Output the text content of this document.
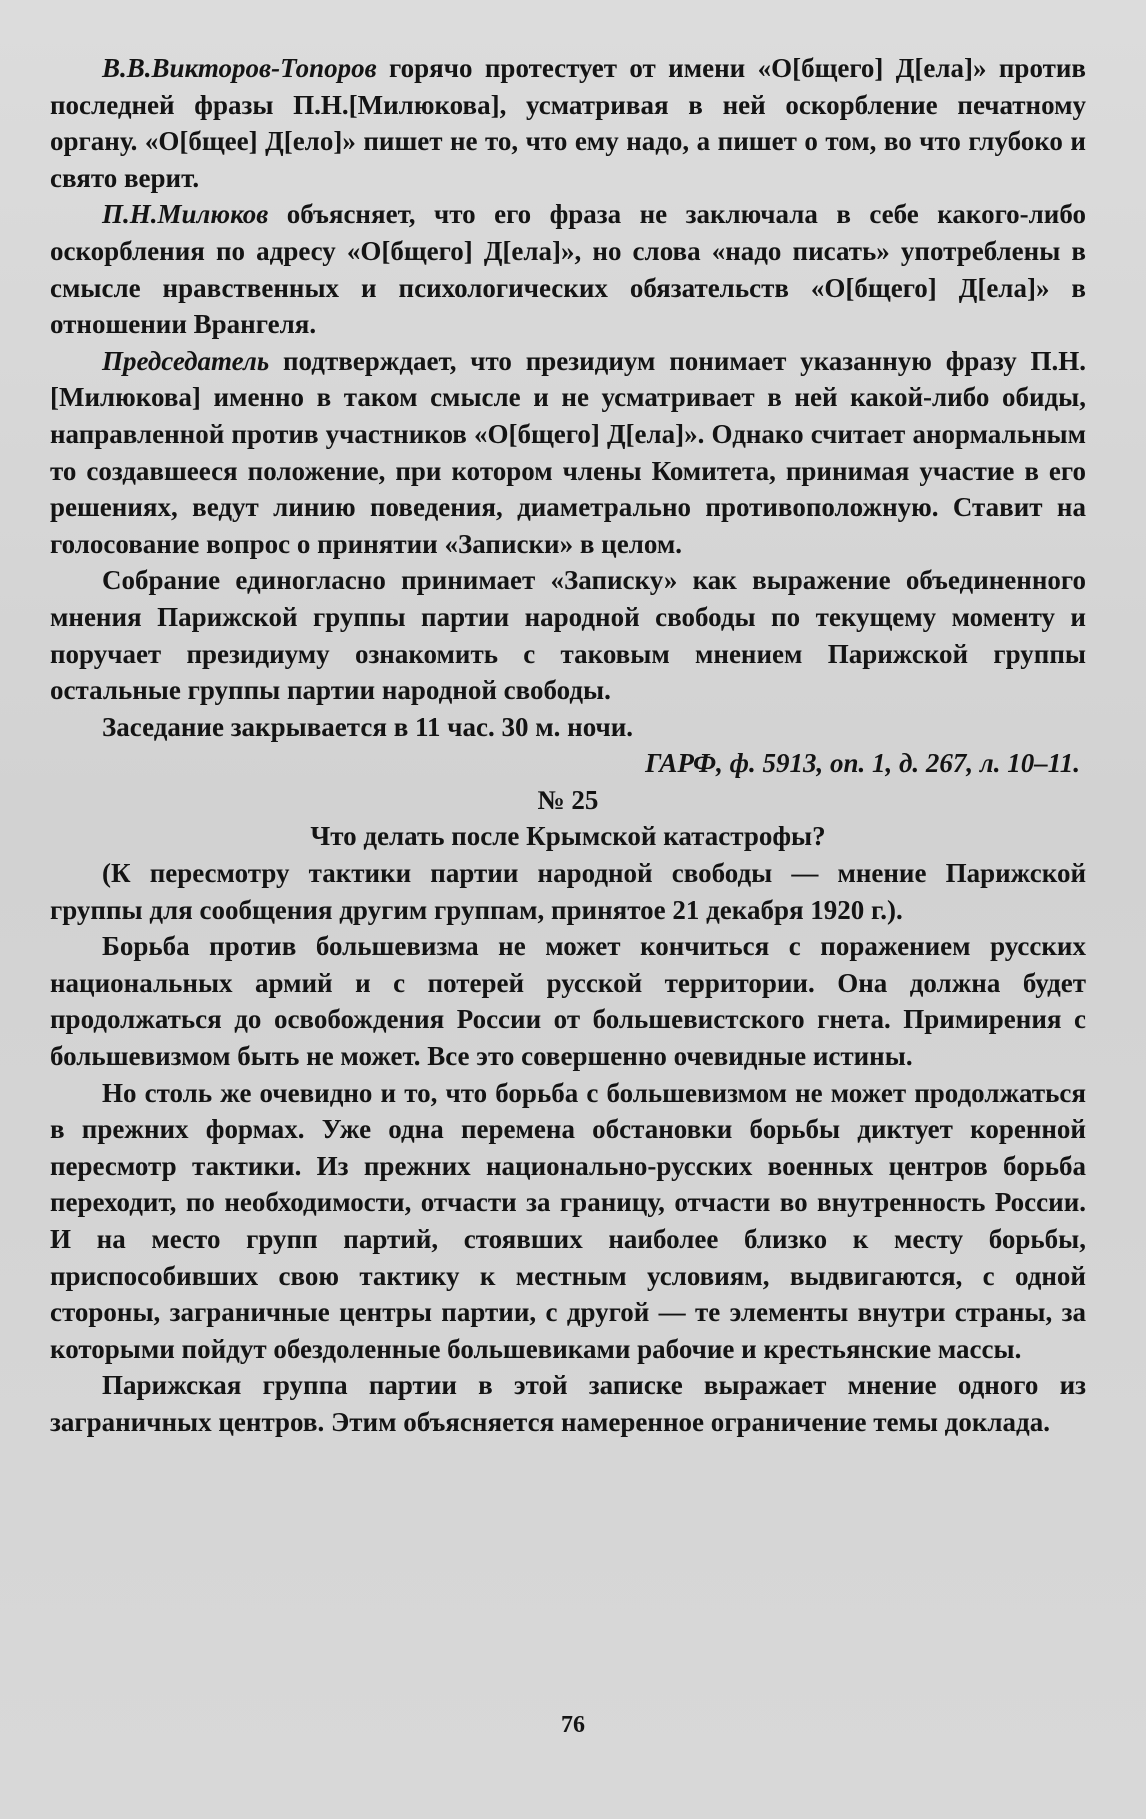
В.В.Викторов-Топоров горячо протестует от имени «О[бщего] Д[ела]» против последней фразы П.Н.[Милюкова], усматривая в ней оскорбление печатному органу. «О[бщее] Д[ело]» пишет не то, что ему надо, а пишет о том, во что глубоко и свято верит.

П.Н.Милюков объясняет, что его фраза не заключала в себе какого-либо оскорбления по адресу «О[бщего] Д[ела]», но слова «надо писать» употреблены в смысле нравственных и психологических обязательств «О[бщего] Д[ела]» в отношении Врангеля.

Председатель подтверждает, что президиум понимает указанную фразу П.Н.[Милюкова] именно в таком смысле и не усматривает в ней какой-либо обиды, направленной против участников «О[бщего] Д[ела]». Однако считает анормальным то создавшееся положение, при котором члены Комитета, принимая участие в его решениях, ведут линию поведения, диаметрально противоположную. Ставит на голосование вопрос о принятии «Записки» в целом.

Собрание единогласно принимает «Записку» как выражение объединенного мнения Парижской группы партии народной свободы по текущему моменту и поручает президиуму ознакомить с таковым мнением Парижской группы остальные группы партии народной свободы.

Заседание закрывается в 11 час. 30 м. ночи.

ГАРФ, ф. 5913, оп. 1, д. 267, л. 10–11.

№ 25

Что делать после Крымской катастрофы?

(К пересмотру тактики партии народной свободы — мнение Парижской группы для сообщения другим группам, принятое 21 декабря 1920 г.).

Борьба против большевизма не может кончиться с поражением русских национальных армий и с потерей русской территории. Она должна будет продолжаться до освобождения России от большевистского гнета. Примирения с большевизмом быть не может. Все это совершенно очевидные истины.

Но столь же очевидно и то, что борьба с большевизмом не может продолжаться в прежних формах. Уже одна перемена обстановки борьбы диктует коренной пересмотр тактики. Из прежних национально-русских военных центров борьба переходит, по необходимости, отчасти за границу, отчасти во внутренность России. И на место групп партий, стоявших наиболее близко к месту борьбы, приспособивших свою тактику к местным условиям, выдвигаются, с одной стороны, заграничные центры партии, с другой — те элементы внутри страны, за которыми пойдут обездоленные большевиками рабочие и крестьянские массы.

Парижская группа партии в этой записке выражает мнение одного из заграничных центров. Этим объясняется намеренное ограничение темы доклада.

76
